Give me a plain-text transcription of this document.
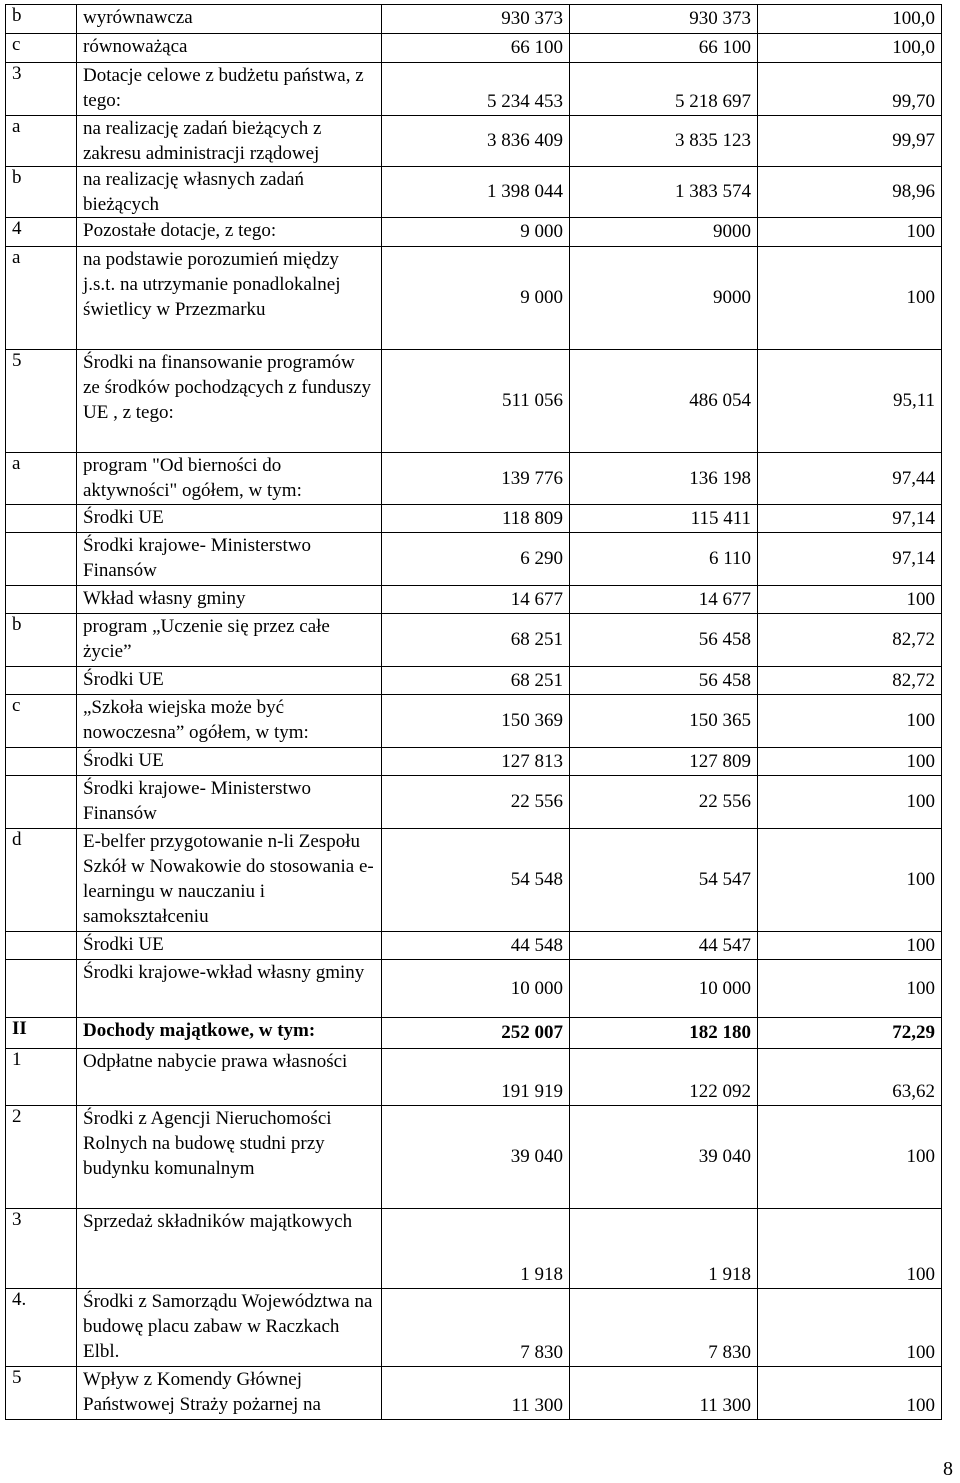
b	wyrównawcza	930 373	930 373	100,0
c	równoważąca	66 100	66 100	100,0
3	Dotacje celowe z budżetu państwa, z tego:	5 234 453	5 218 697	99,70
a	na realizację zadań bieżących z zakresu administracji rządowej	3 836 409	3 835 123	99,97
b	na realizację własnych zadań bieżących	1 398 044	1 383 574	98,96
4	Pozostałe dotacje, z tego:	9 000	9000	100
a	na podstawie porozumień między j.s.t. na utrzymanie ponadlokalnej świetlicy w Przezmarku	9 000	9000	100
5	Środki na finansowanie programów ze środków pochodzących z funduszy UE , z tego:	511 056	486 054	95,11
a	program "Od bierności do aktywności" ogółem, w tym:	139 776	136 198	97,44
	Środki UE	118 809	115 411	97,14
	Środki krajowe- Ministerstwo Finansów	6 290	6 110	97,14
	Wkład własny gminy	14 677	14 677	100
b	program „Uczenie się przez całe życie”	68 251	56 458	82,72
	Środki UE	68 251	56 458	82,72
c	„Szkoła wiejska może być nowoczesna” ogółem, w tym:	150 369	150 365	100
	Środki UE	127 813	127 809	100
	Środki krajowe- Ministerstwo Finansów	22 556	22 556	100
d	E-belfer przygotowanie n-li Zespołu Szkół w Nowakowie do stosowania e-learningu w nauczaniu i samokształceniu	54 548	54 547	100
	Środki UE	44 548	44 547	100
	Środki krajowe-wkład własny gminy	10 000	10 000	100
II	Dochody majątkowe, w tym:	252 007	182 180	72,29
1	Odpłatne nabycie prawa własności	191 919	122 092	63,62
2	Środki z Agencji Nieruchomości Rolnych na budowę studni przy budynku komunalnym	39 040	39 040	100
3	Sprzedaż składników majątkowych	1 918	1 918	100
4.	Środki z Samorządu Województwa na budowę placu zabaw w Raczkach Elbl.	7 830	7 830	100
5	Wpływ z Komendy Głównej Państwowej Straży pożarnej na	11 300	11 300	100
8
